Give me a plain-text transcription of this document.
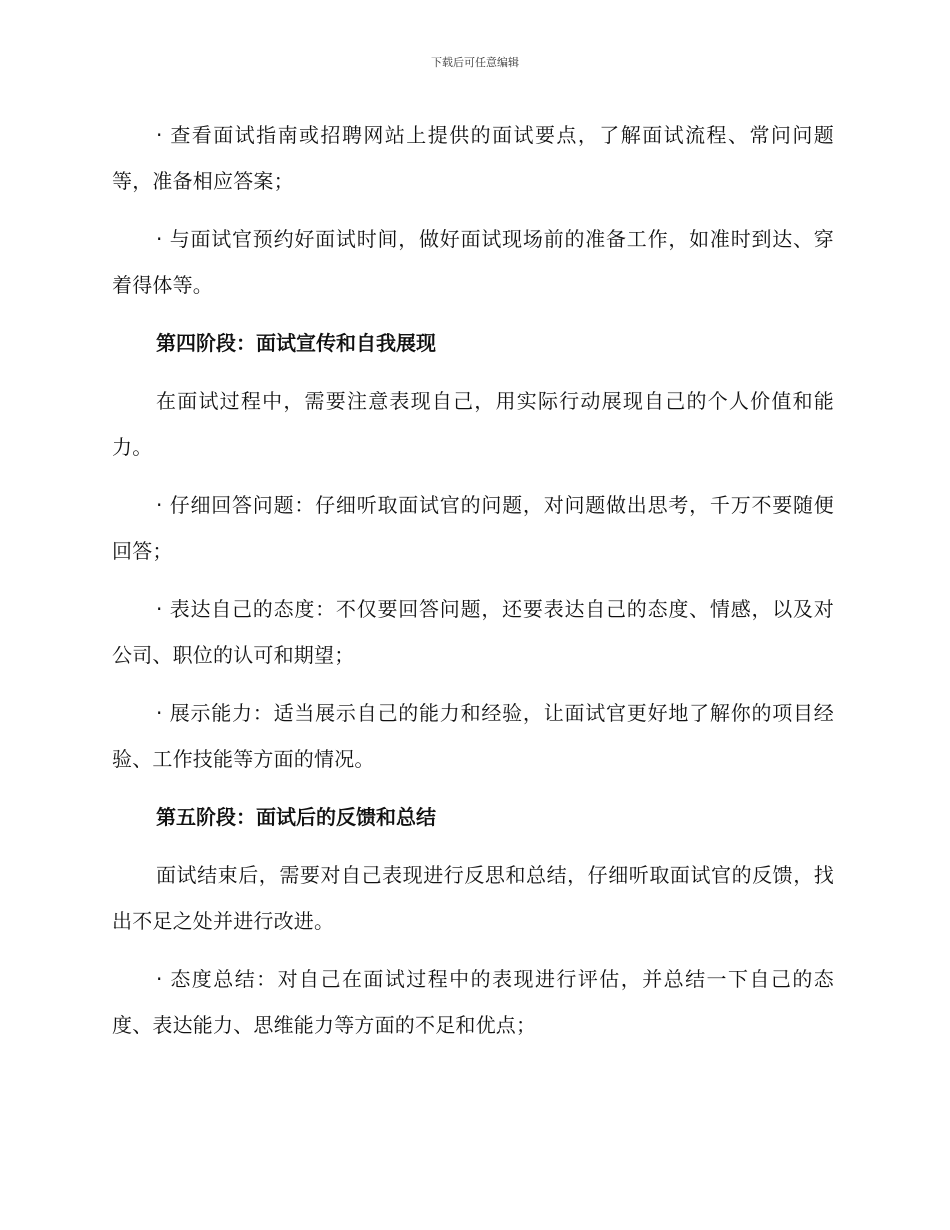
下载后可任意编辑

· 查看面试指南或招聘网站上提供的面试要点，了解面试流程、常问问题等，准备相应答案；

· 与面试官预约好面试时间，做好面试现场前的准备工作，如准时到达、穿着得体等。

第四阶段：面试宣传和自我展现

在面试过程中，需要注意表现自己，用实际行动展现自己的个人价值和能力。

· 仔细回答问题：仔细听取面试官的问题，对问题做出思考，千万不要随便回答；

· 表达自己的态度：不仅要回答问题，还要表达自己的态度、情感，以及对公司、职位的认可和期望；

· 展示能力：适当展示自己的能力和经验，让面试官更好地了解你的项目经验、工作技能等方面的情况。

第五阶段：面试后的反馈和总结

面试结束后，需要对自己表现进行反思和总结，仔细听取面试官的反馈，找出不足之处并进行改进。

· 态度总结：对自己在面试过程中的表现进行评估，并总结一下自己的态度、表达能力、思维能力等方面的不足和优点；
